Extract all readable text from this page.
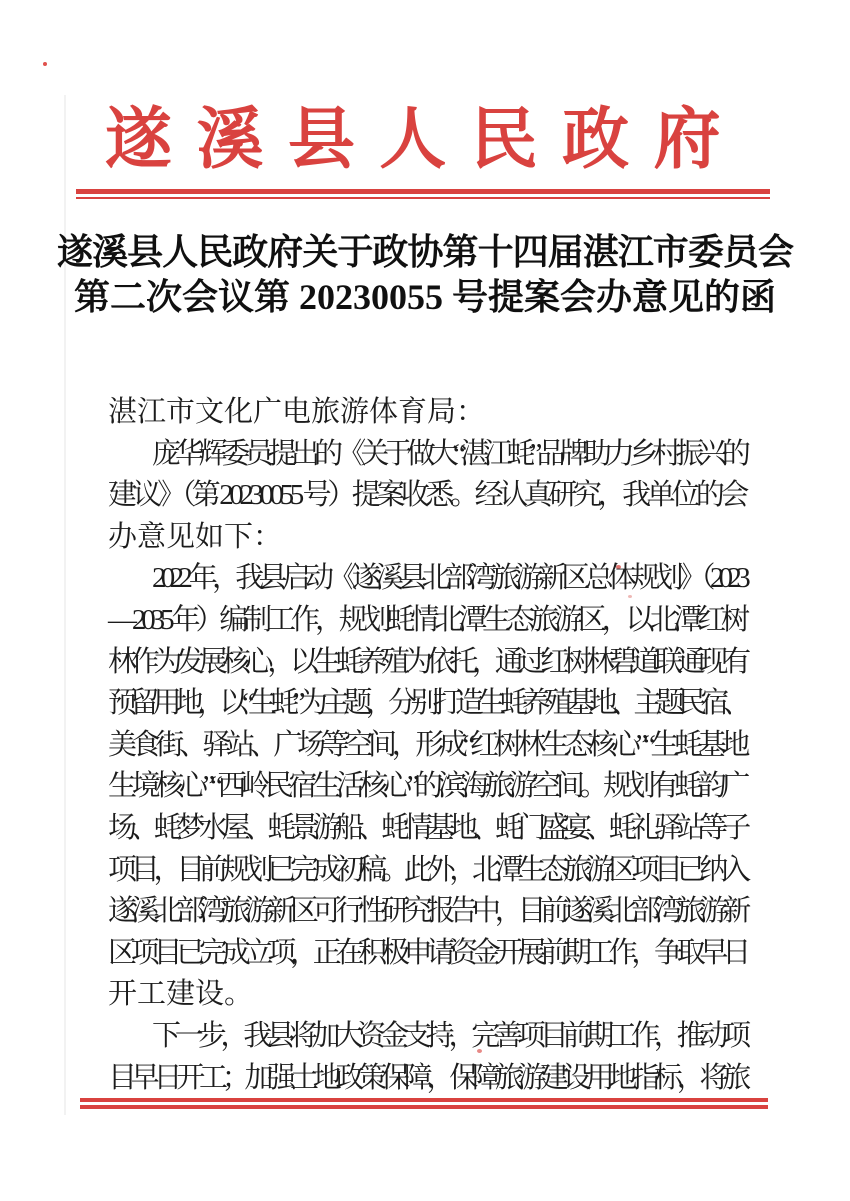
遂溪县人民政府
遂溪县人民政府关于政协第十四届湛江市委员会
第二次会议第 20230055 号提案会办意见的函
湛江市文化广电旅游体育局：
庞华辉委员提出的《关于做大“湛江蚝”品牌助力乡村振兴的
建议》（第 20230055 号）提案收悉。经认真研究，我单位的会
办意见如下：
2022 年，我县启动《遂溪县北部湾旅游新区总体规划》（2023
—2035 年）编制工作，规划蚝情北潭生态旅游区，以北潭红树
林作为发展核心，以生蚝养殖为依托，通过红树林碧道联通现有
预留用地，以“生蚝”为主题，分别打造生蚝养殖基地、主题民宿、
美食街、驿站、广场等空间，形成“红树林生态核心”“生蚝基地
生境核心”“西岭民宿生活核心”的滨海旅游空间。规划有蚝韵广
场、蚝梦水屋、蚝景游船、蚝情基地、蚝门盛宴、蚝礼驿站等子
项目，目前规划已完成初稿。此外，北潭生态旅游区项目已纳入
遂溪北部湾旅游新区可行性研究报告中，目前遂溪北部湾旅游新
区项目已完成立项，正在积极申请资金开展前期工作，争取早日
开工建设。
下一步，我县将加大资金支持，完善项目前期工作，推动项
目早日开工；加强土地政策保障，保障旅游建设用地指标，将旅
